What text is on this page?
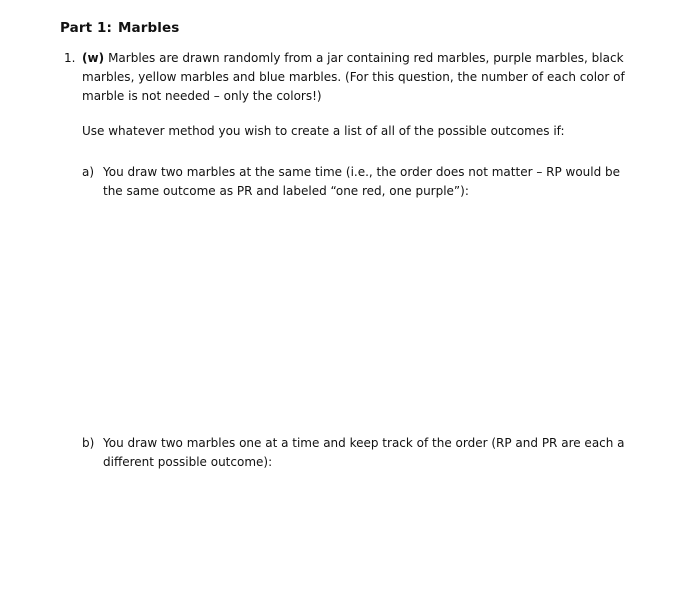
Part 1: Marbles
1. (w) Marbles are drawn randomly from a jar containing red marbles, purple marbles, black marbles, yellow marbles and blue marbles. (For this question, the number of each color of marble is not needed – only the colors!)
Use whatever method you wish to create a list of all of the possible outcomes if:
a) You draw two marbles at the same time (i.e., the order does not matter – RP would be the same outcome as PR and labeled “one red, one purple”):
b) You draw two marbles one at a time and keep track of the order (RP and PR are each a different possible outcome):
